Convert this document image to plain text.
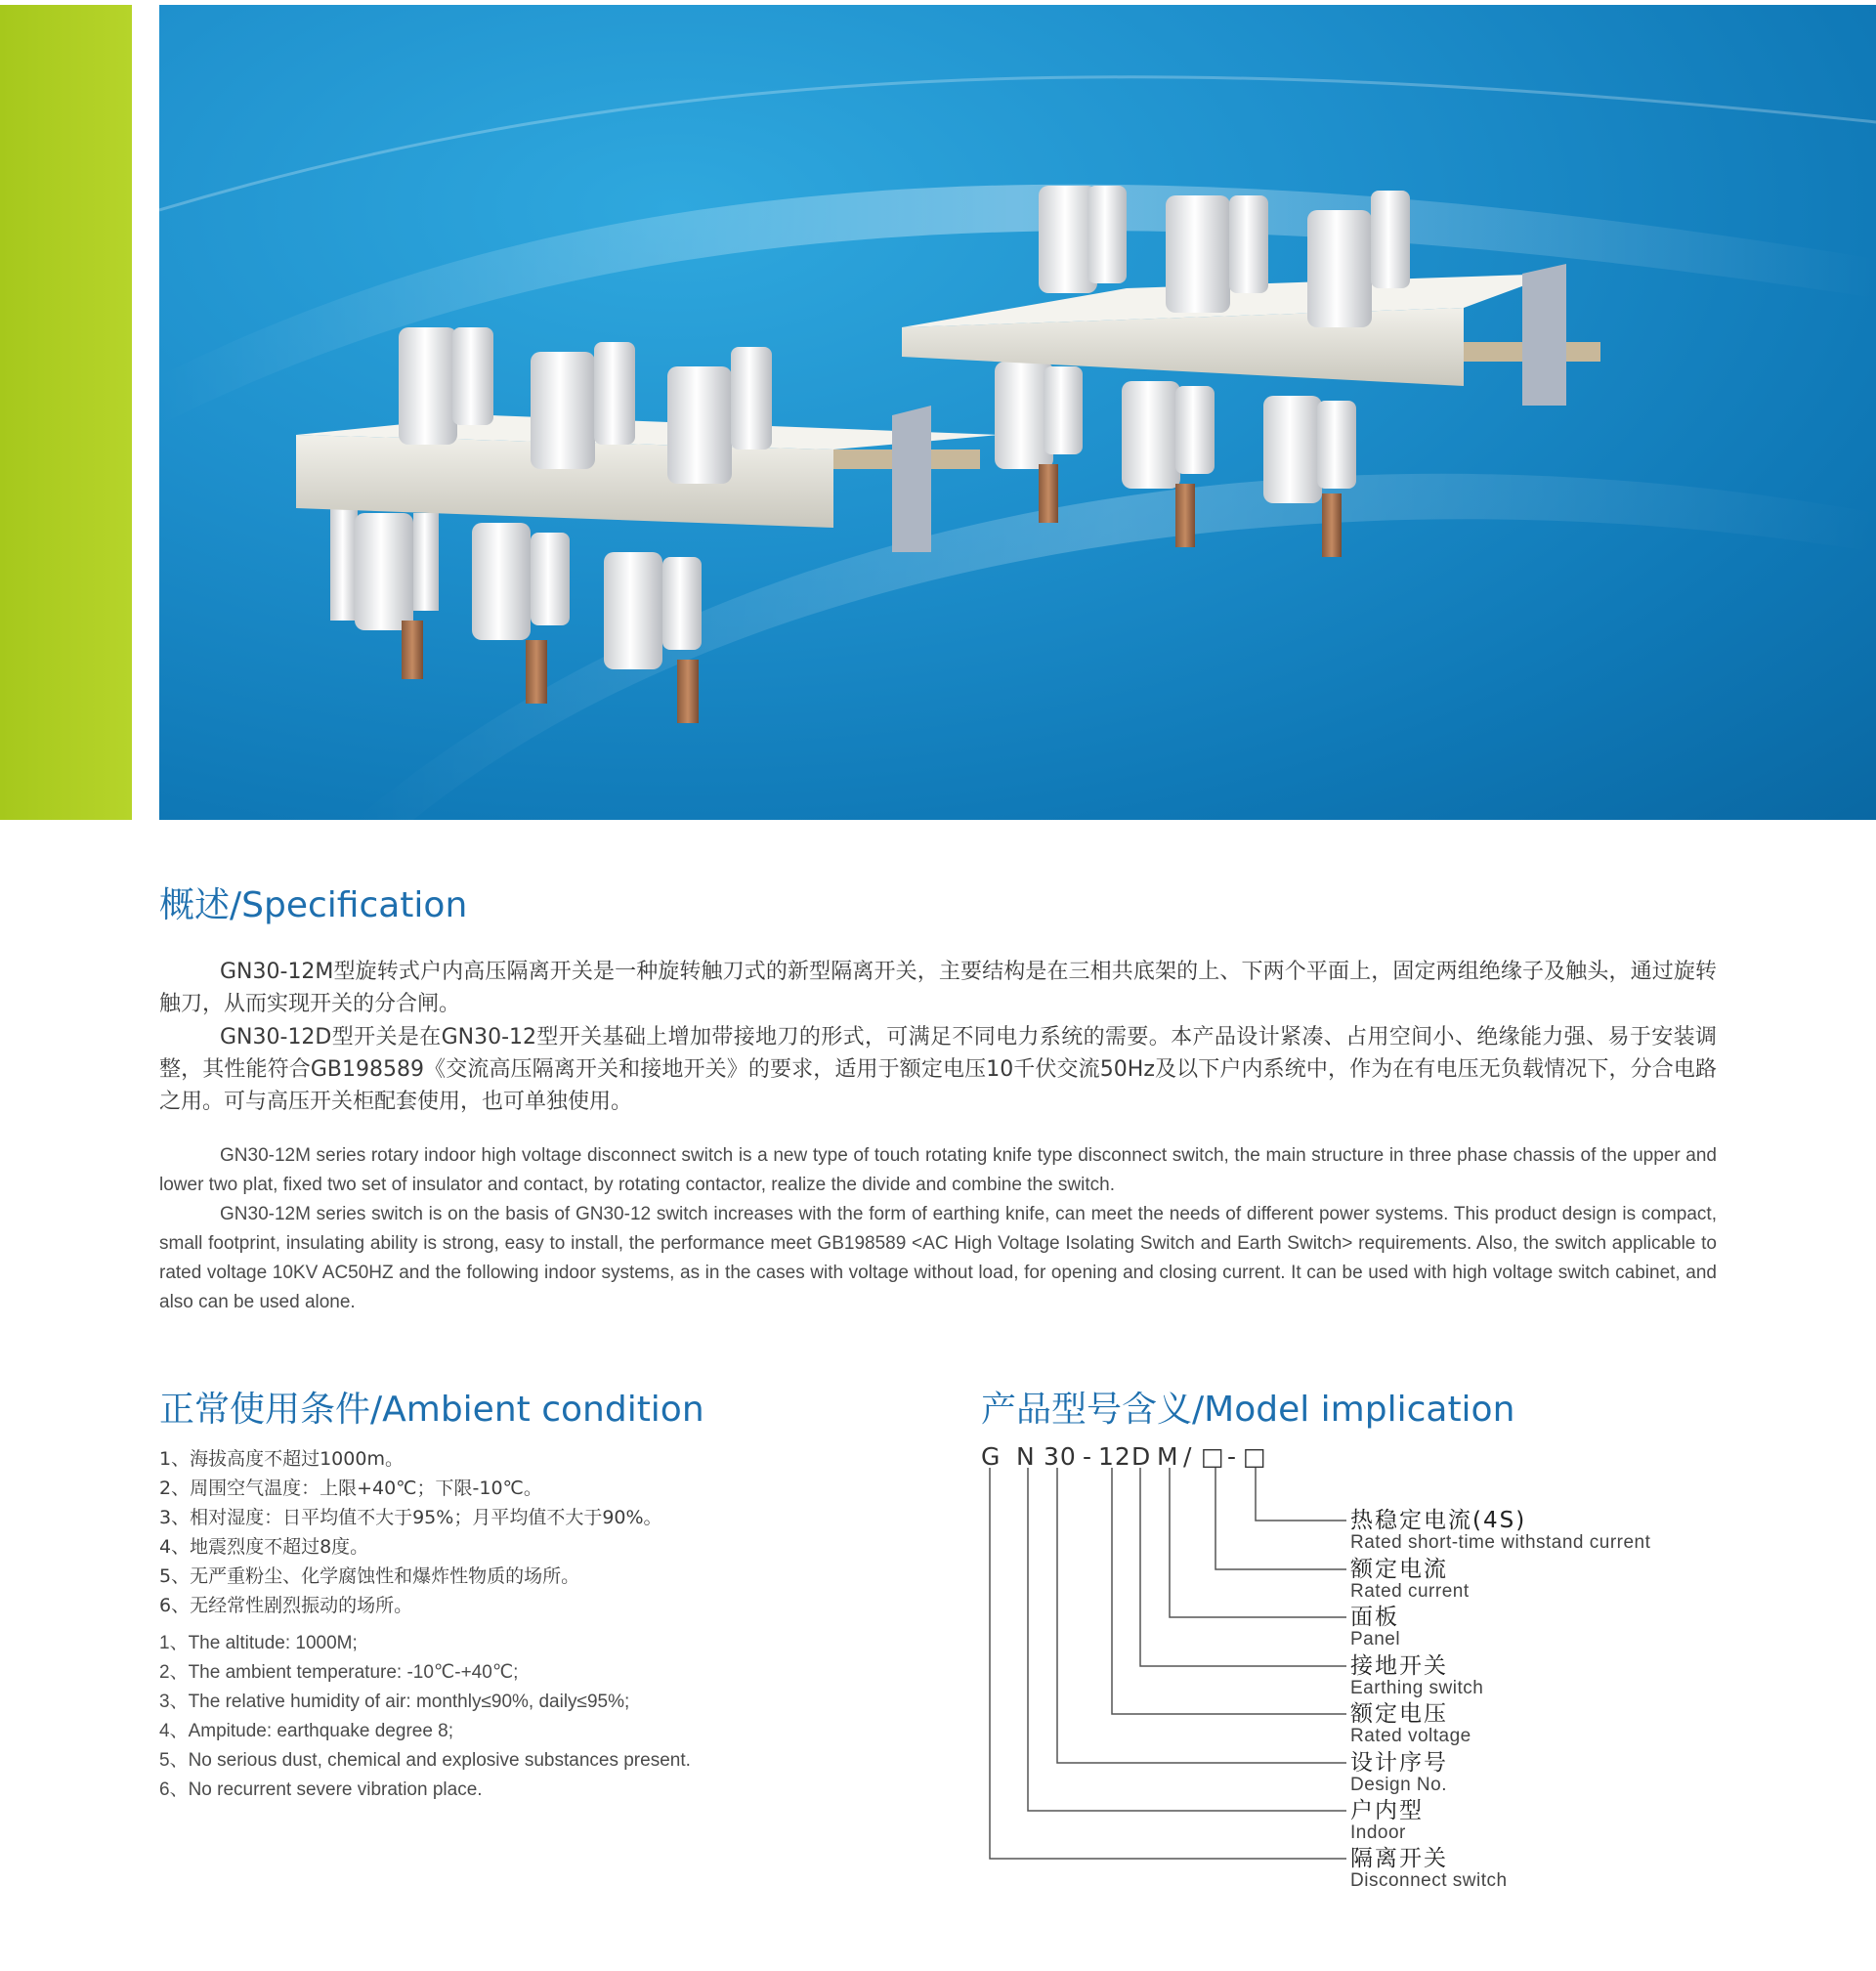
概述/Specification

GN30-12M型旋转式户内高压隔离开关是一种旋转触刀式的新型隔离开关，主要结构是在三相共底架的上、下两个平面上，固定两组绝缘子及触头，通过旋转触刀，从而实现开关的分合闸。

GN30-12D型开关是在GN30-12型开关基础上增加带接地刀的形式，可满足不同电力系统的需要。本产品设计紧凑、占用空间小、绝缘能力强、易于安装调整，其性能符合GB198589《交流高压隔离开关和接地开关》的要求，适用于额定电压10千伏交流50Hz及以下户内系统中，作为在有电压无负载情况下，分合电路之用。可与高压开关柜配套使用，也可单独使用。

GN30-12M series rotary indoor high voltage disconnect switch is a new type of touch rotating knife type disconnect switch, the main structure in three phase chassis of the upper and lower two plat, fixed two set of insulator and contact, by rotating contactor, realize the divide and combine the switch.

GN30-12M series switch is on the basis of GN30-12 switch increases with the form of earthing knife, can meet the needs of different power systems. This product design is compact, small footprint, insulating ability is strong, easy to install, the performance meet GB198589 <AC High Voltage Isolating Switch and Earth Switch> requirements. Also, the switch applicable to rated voltage 10KV AC50HZ and the following indoor systems, as in the cases with voltage without load, for opening and closing current. It can be used with high voltage switch cabinet, and also can be used alone.

正常使用条件/Ambient condition
1、海拔高度不超过1000m。
2、周围空气温度：上限+40℃；下限-10℃。
3、相对湿度：日平均值不大于95%；月平均值不大于90%。
4、地震烈度不超过8度。
5、无严重粉尘、化学腐蚀性和爆炸性物质的场所。
6、无经常性剧烈振动的场所。
1、The altitude: 1000M;
2、The ambient temperature: -10℃-+40℃;
3、The relative humidity of air: monthly≤90%, daily≤95%;
4、Ampitude: earthquake degree 8;
5、No serious dust, chemical and explosive substances present.
6、No recurrent severe vibration place.
产品型号含义/Model implication
G N 30 - 12 D M / □ - □
热稳定电流(4S)
Rated short-time withstand current
额定电流
Rated current
面板
Panel
接地开关
Earthing switch
额定电压
Rated voltage
设计序号
Design No.
户内型
Indoor
隔离开关
Disconnect switch
